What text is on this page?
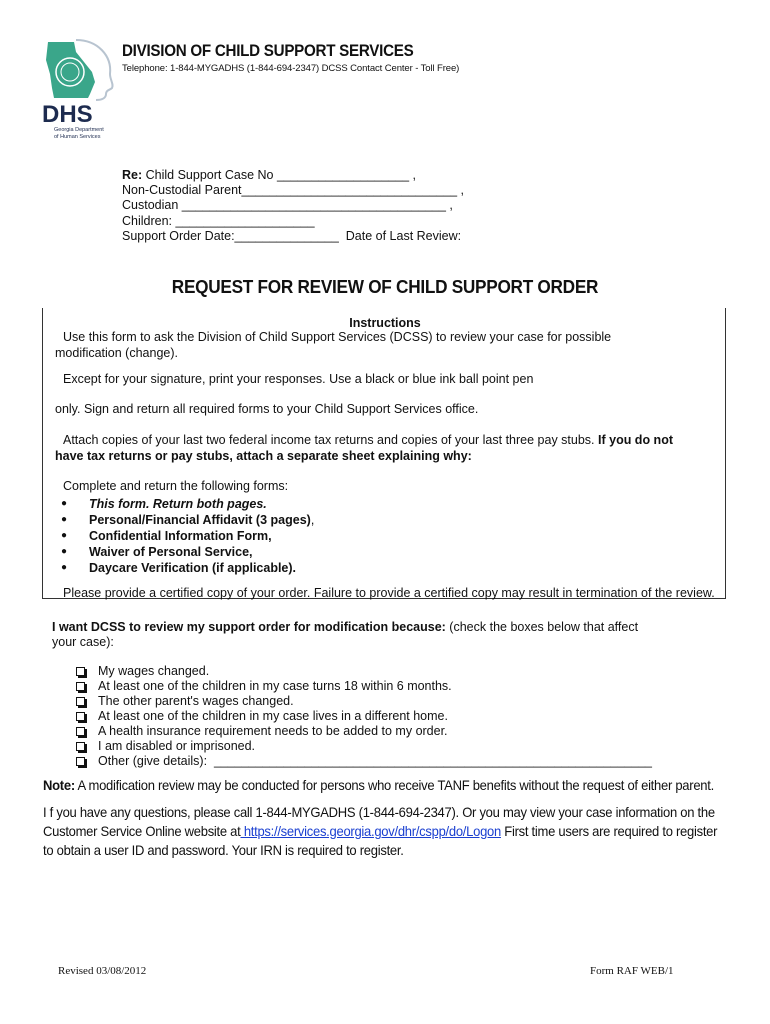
DHS
Georgia Department
of Human Services
DIVISION OF CHILD SUPPORT SERVICES
Telephone: 1-844-MYGADHS (1-844-694-2347) DCSS Contact Center - Toll Free)
Re: Child Support Case No ___________________ ,
Non-Custodial Parent_______________________________ ,
Custodian ______________________________________ ,
Children: ____________________
Support Order Date:_______________  Date of Last Review:
REQUEST FOR REVIEW OF CHILD SUPPORT ORDER
Instructions
Use this form to ask the Division of Child Support Services (DCSS) to review your case for possible
modification (change).
Except for your signature, print your responses. Use a black or blue ink ball point pen
only. Sign and return all required forms to your Child Support Services office.
Attach copies of your last two federal income tax returns and copies of your last three pay stubs. If you do not
have tax returns or pay stubs, attach a separate sheet explaining why:
Complete and return the following forms:
●	This form. Return both pages.
●	Personal/Financial Affidavit (3 pages) ,
●	Confidential Information Form,
●	Waiver of Personal Service,
●	Daycare Verification (if applicable).
Please provide a certified copy of your order. Failure to provide a certified copy may result in termination of the review.
I want DCSS to review my support order for modification because: (check the boxes below that affect
your case):
My wages changed.
At least one of the children in my case turns 18 within 6 months.
The other parent's wages changed.
At least one of the children in my case lives in a different home.
A health insurance requirement needs to be added to my order.
I am disabled or imprisoned.
Other (give details):  _______________________________________________________________
Note: A modification review may be conducted for persons who receive TANF benefits without the request of either parent.
I f you have any questions, please call 1-844-MYGADHS (1-844-694-2347). Or you may view your case information on the
Customer Service Online website at https://services.georgia.gov/dhr/cspp/do/Logon First time users are required to register
to obtain a user ID and password. Your IRN is required to register.
Revised 03/08/2012	Form RAF WEB/1
